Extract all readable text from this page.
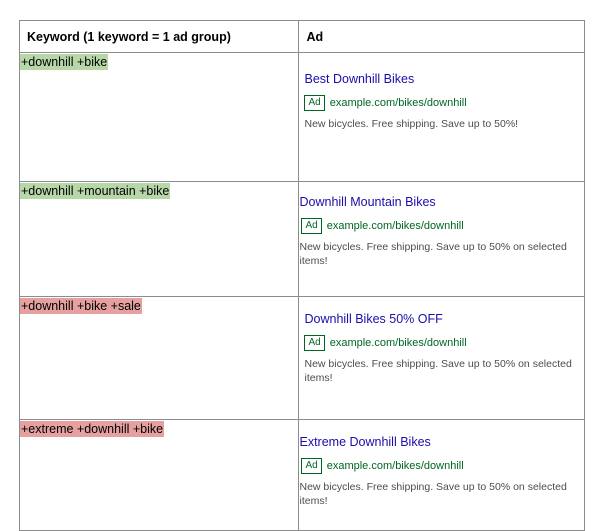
Keyword (1 keyword = 1 ad group)	Ad
+downhill +bike	Best Downhill Bikes
Ad example.com/bikes/downhill
New bicycles. Free shipping. Save up to 50%!

+downhill +mountain +bike	Downhill Mountain Bikes
Ad example.com/bikes/downhill
New bicycles. Free shipping. Save up to 50% on selected items!

+downhill +bike +sale	Downhill Bikes 50% OFF
Ad example.com/bikes/downhill
New bicycles. Free shipping. Save up to 50% on selected items!

+extreme +downhill +bike	Extreme Downhill Bikes
Ad example.com/bikes/downhill
New bicycles. Free shipping. Save up to 50% on selected items!
